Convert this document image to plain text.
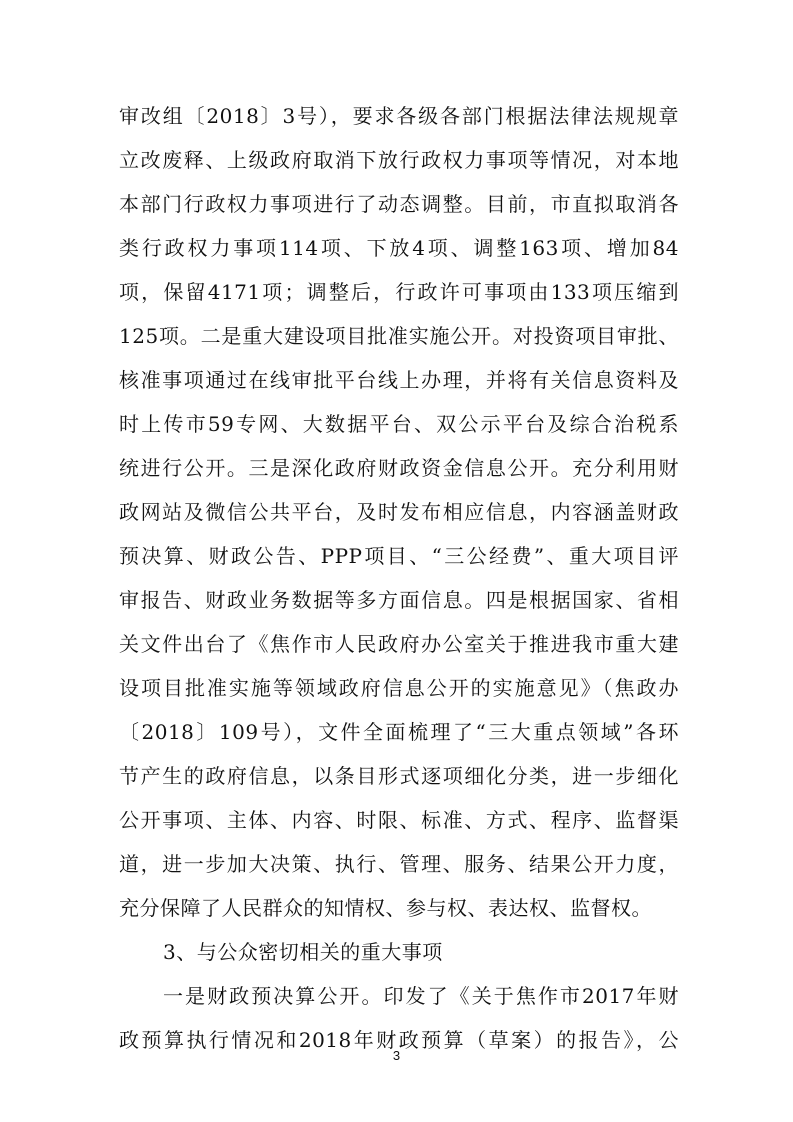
审改组〔2018〕3号），要求各级各部门根据法律法规规章
立改废释、上级政府取消下放行政权力事项等情况，对本地
本部门行政权力事项进行了动态调整。目前，市直拟取消各
类行政权力事项114项、下放4项、调整163项、增加84
项，保留4171项；调整后，行政许可事项由133项压缩到
125项。二是重大建设项目批准实施公开。对投资项目审批、
核准事项通过在线审批平台线上办理，并将有关信息资料及
时上传市59专网、大数据平台、双公示平台及综合治税系
统进行公开。三是深化政府财政资金信息公开。充分利用财
政网站及微信公共平台，及时发布相应信息，内容涵盖财政
预决算、财政公告、PPP项目、“三公经费”、重大项目评
审报告、财政业务数据等多方面信息。四是根据国家、省相
关文件出台了《焦作市人民政府办公室关于推进我市重大建
设项目批准实施等领域政府信息公开的实施意见》（焦政办
〔2018〕109号），文件全面梳理了“三大重点领域”各环
节产生的政府信息，以条目形式逐项细化分类，进一步细化
公开事项、主体、内容、时限、标准、方式、程序、监督渠
道，进一步加大决策、执行、管理、服务、结果公开力度，
充分保障了人民群众的知情权、参与权、表达权、监督权。
3、与公众密切相关的重大事项
一是财政预决算公开。印发了《关于焦作市2017年财
政预算执行情况和2018年财政预算（草案）的报告》，公
3
